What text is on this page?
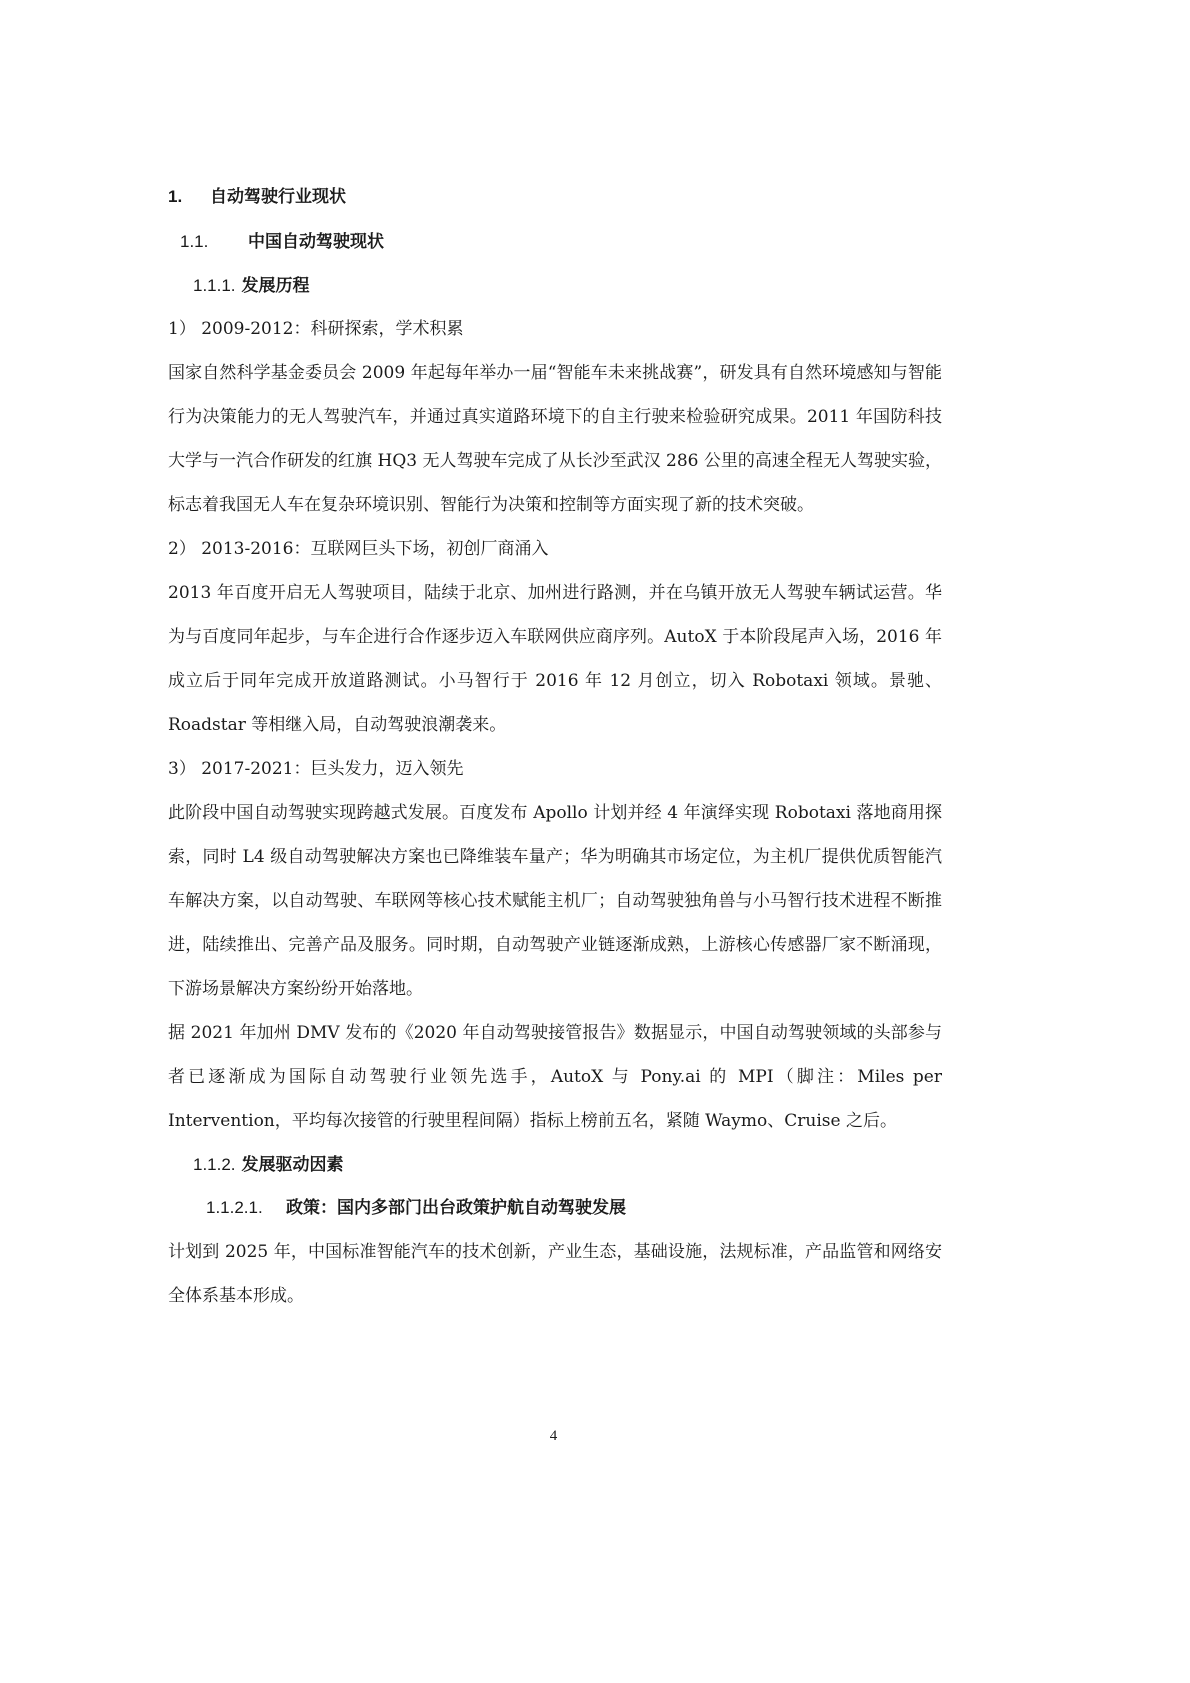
1. 自动驾驶行业现状
1.1. 中国自动驾驶现状
1.1.1. 发展历程
1） 2009-2012：科研探索，学术积累

国家自然科学基金委员会 2009 年起每年举办一届“智能车未来挑战赛”，研发具有自然环境感知与智能行为决策能力的无人驾驶汽车，并通过真实道路环境下的自主行驶来检验研究成果。2011 年国防科技大学与一汽合作研发的红旗 HQ3 无人驾驶车完成了从长沙至武汉 286 公里的高速全程无人驾驶实验，标志着我国无人车在复杂环境识别、智能行为决策和控制等方面实现了新的技术突破。

2） 2013-2016：互联网巨头下场，初创厂商涌入

2013 年百度开启无人驾驶项目，陆续于北京、加州进行路测，并在乌镇开放无人驾驶车辆试运营。华为与百度同年起步，与车企进行合作逐步迈入车联网供应商序列。AutoX 于本阶段尾声入场，2016 年成立后于同年完成开放道路测试。小马智行于 2016 年 12 月创立，切入 Robotaxi 领域。景驰、Roadstar 等相继入局，自动驾驶浪潮袭来。

3） 2017-2021：巨头发力，迈入领先

此阶段中国自动驾驶实现跨越式发展。百度发布 Apollo 计划并经 4 年演绎实现 Robotaxi 落地商用探索，同时 L4 级自动驾驶解决方案也已降维装车量产；华为明确其市场定位，为主机厂提供优质智能汽车解决方案，以自动驾驶、车联网等核心技术赋能主机厂；自动驾驶独角兽与小马智行技术进程不断推进，陆续推出、完善产品及服务。同时期，自动驾驶产业链逐渐成熟，上游核心传感器厂家不断涌现，下游场景解决方案纷纷开始落地。

据 2021 年加州 DMV 发布的《2020 年自动驾驶接管报告》数据显示，中国自动驾驶领域的头部参与者已逐渐成为国际自动驾驶行业领先选手，AutoX 与 Pony.ai 的 MPI（脚注：Miles per Intervention，平均每次接管的行驶里程间隔）指标上榜前五名，紧随 Waymo、Cruise 之后。

1.1.2. 发展驱动因素
1.1.2.1. 政策：国内多部门出台政策护航自动驾驶发展

计划到 2025 年，中国标准智能汽车的技术创新，产业生态，基础设施，法规标准，产品监管和网络安全体系基本形成。

4
